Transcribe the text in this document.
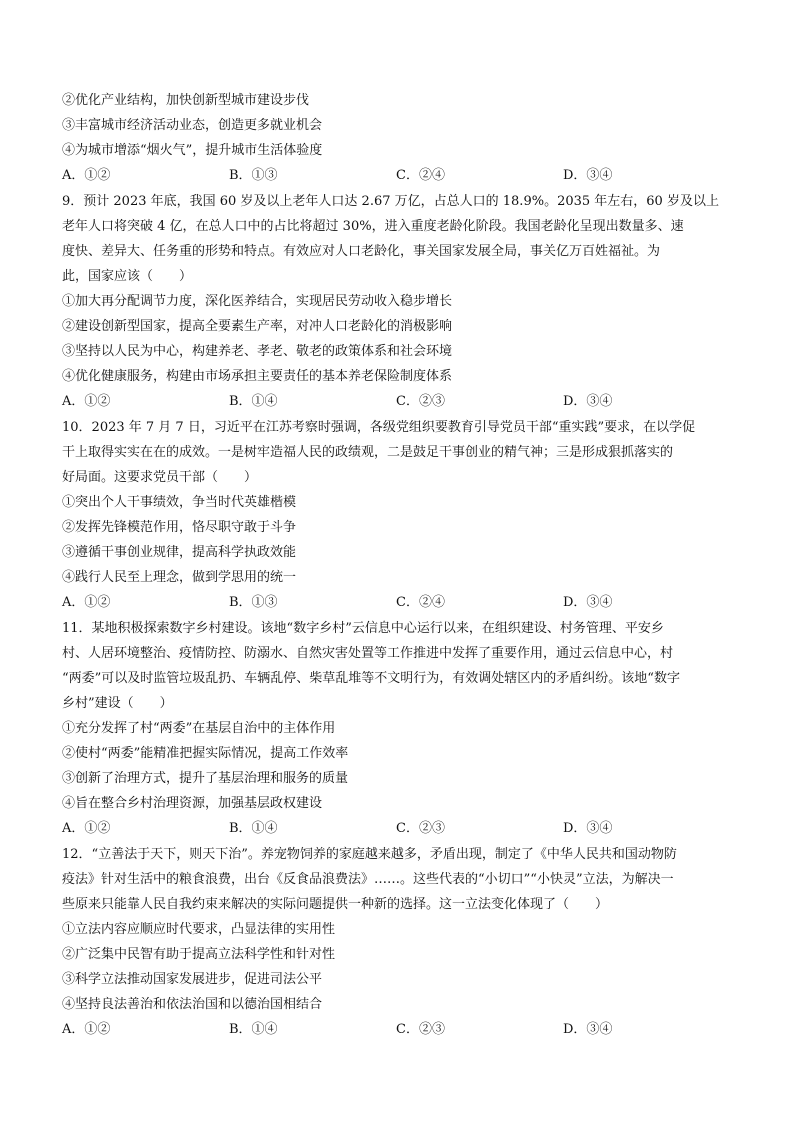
②优化产业结构，加快创新型城市建设步伐
③丰富城市经济活动业态，创造更多就业机会
④为城市增添“烟火气”，提升城市生活体验度
A．①②	B．①③	C．②④	D．③④
9．预计 2023 年底，我国 60 岁及以上老年人口达 2.67 万亿，占总人口的 18.9%。2035 年左右，60 岁及以上
老年人口将突破 4 亿，在总人口中的占比将超过 30%，进入重度老龄化阶段。我国老龄化呈现出数量多、速
度快、差异大、任务重的形势和特点。有效应对人口老龄化，事关国家发展全局，事关亿万百姓福祉。为
此，国家应该（　　）
①加大再分配调节力度，深化医养结合，实现居民劳动收入稳步增长
②建设创新型国家，提高全要素生产率，对冲人口老龄化的消极影响
③坚持以人民为中心，构建养老、孝老、敬老的政策体系和社会环境
④优化健康服务，构建由市场承担主要责任的基本养老保险制度体系
A．①②	B．①④	C．②③	D．③④
10．2023 年 7 月 7 日，习近平在江苏考察时强调，各级党组织要教育引导党员干部“重实践”要求，在以学促
干上取得实实在在的成效。一是树牢造福人民的政绩观，二是鼓足干事创业的精气神；三是形成狠抓落实的
好局面。这要求党员干部（　　）
①突出个人干事绩效，争当时代英雄楷模
②发挥先锋模范作用，恪尽职守敢于斗争
③遵循干事创业规律，提高科学执政效能
④践行人民至上理念，做到学思用的统一
A．①②	B．①③	C．②④	D．③④
11．某地积极探索数字乡村建设。该地“数字乡村”云信息中心运行以来，在组织建设、村务管理、平安乡
村、人居环境整治、疫情防控、防溺水、自然灾害处置等工作推进中发挥了重要作用，通过云信息中心，村
“两委”可以及时监管垃圾乱扔、车辆乱停、柴草乱堆等不文明行为，有效调处辖区内的矛盾纠纷。该地“数字
乡村”建设（　　）
①充分发挥了村“两委”在基层自治中的主体作用
②使村“两委”能精准把握实际情况，提高工作效率
③创新了治理方式，提升了基层治理和服务的质量
④旨在整合乡村治理资源，加强基层政权建设
A．①②	B．①④	C．②③	D．③④
12．“立善法于天下，则天下治”。养宠物饲养的家庭越来越多，矛盾出现，制定了《中华人民共和国动物防
疫法》针对生活中的粮食浪费，出台《反食品浪费法》……。这些代表的“小切口”“小快灵”立法，为解决一
些原来只能靠人民自我约束来解决的实际问题提供一种新的选择。这一立法变化体现了（　　）
①立法内容应顺应时代要求，凸显法律的实用性
②广泛集中民智有助于提高立法科学性和针对性
③科学立法推动国家发展进步，促进司法公平
④坚持良法善治和依法治国和以德治国相结合
A．①②	B．①④	C．②③	D．③④
